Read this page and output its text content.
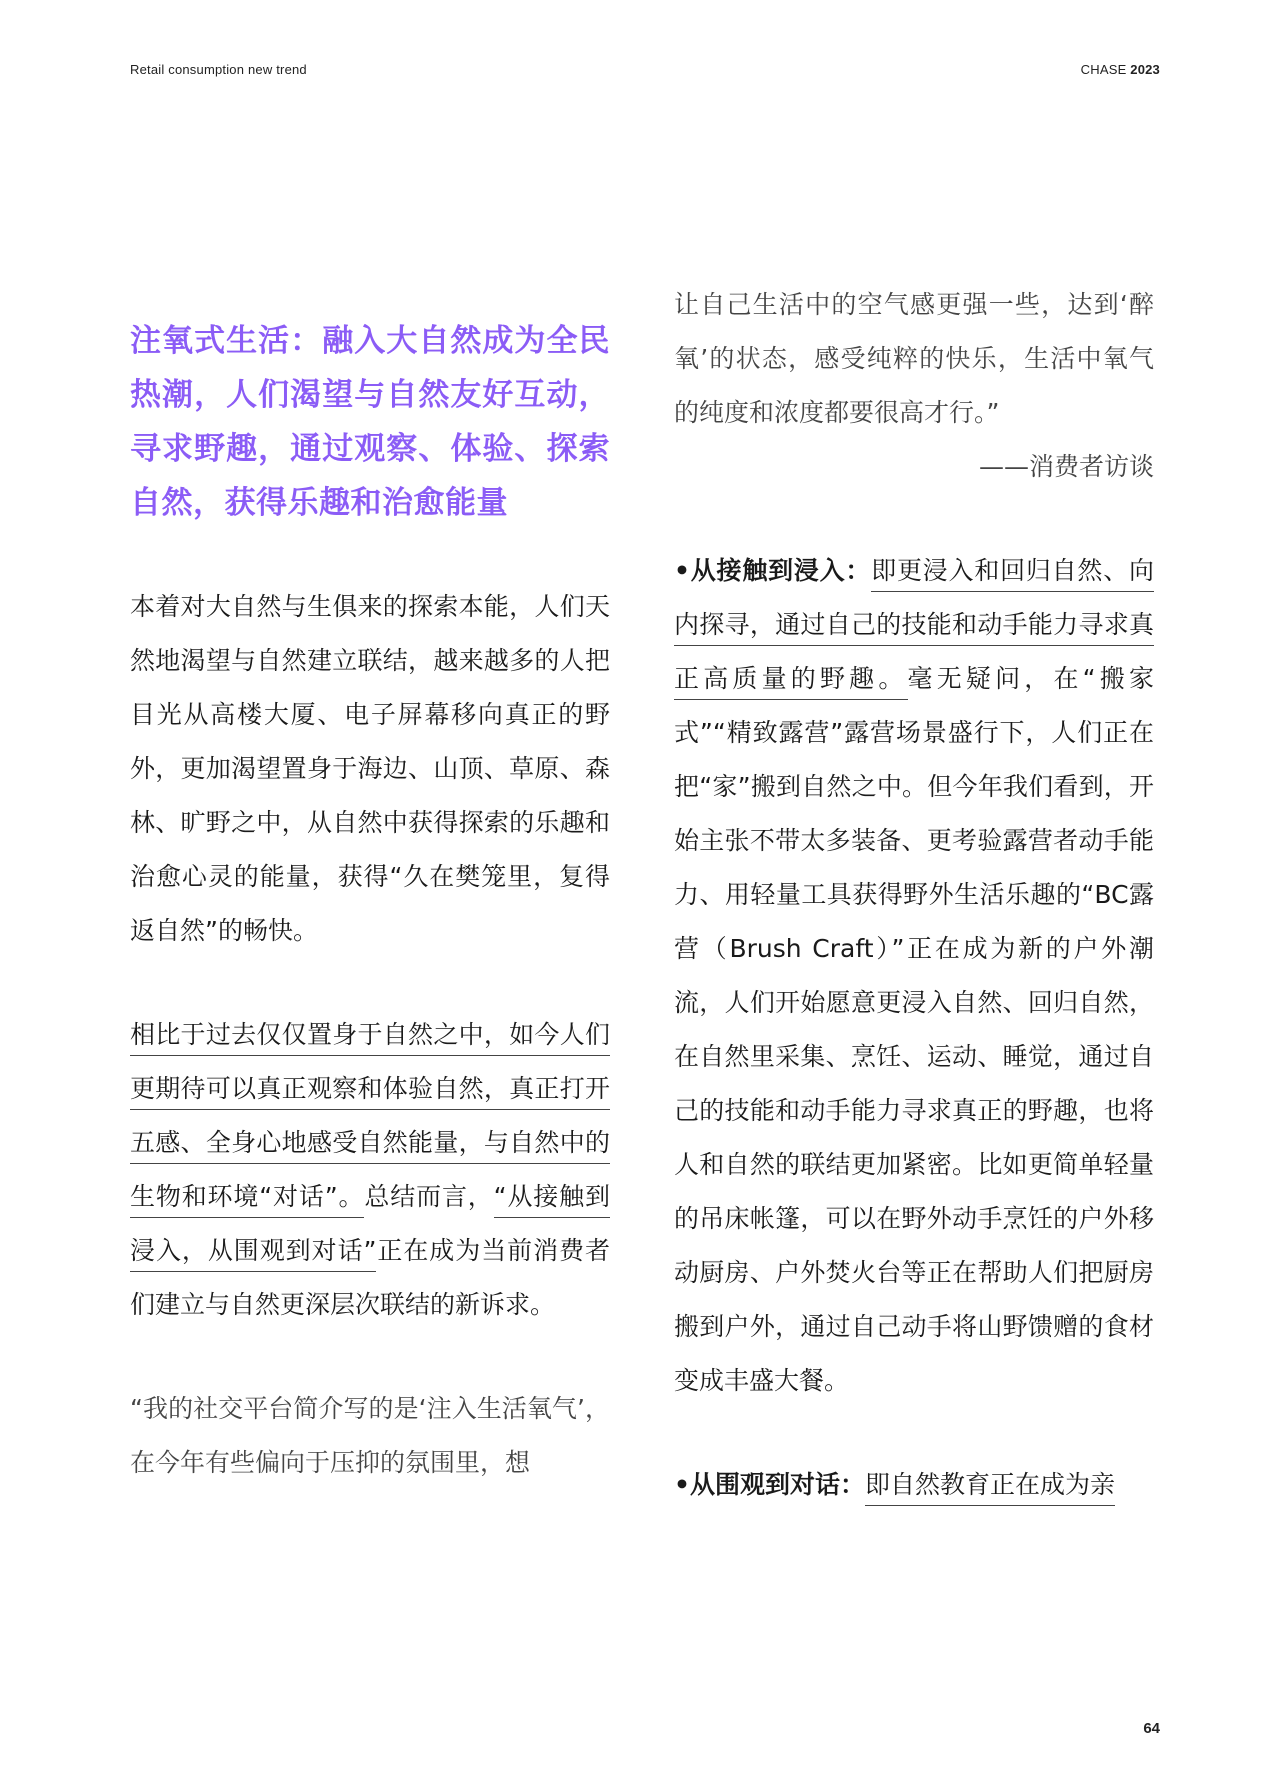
Retail consumption new trend	CHASE 2023
注氧式生活：融入大自然成为全民热潮，人们渴望与自然友好互动，寻求野趣，通过观察、体验、探索自然，获得乐趣和治愈能量

本着对大自然与生俱来的探索本能，人们天然地渴望与自然建立联结，越来越多的人把目光从高楼大厦、电子屏幕移向真正的野外，更加渴望置身于海边、山顶、草原、森林、旷野之中，从自然中获得探索的乐趣和治愈心灵的能量，获得“久在樊笼里，复得返自然”的畅快。

相比于过去仅仅置身于自然之中，如今人们更期待可以真正观察和体验自然，真正打开五感、全身心地感受自然能量，与自然中的生物和环境“对话”。总结而言，“从接触到浸入，从围观到对话”正在成为当前消费者们建立与自然更深层次联结的新诉求。

“我的社交平台简介写的是‘注入生活氧气’，在今年有些偏向于压抑的氛围里，想

让自己生活中的空气感更强一些，达到‘醉氧’的状态，感受纯粹的快乐，生活中氧气的纯度和浓度都要很高才行。”

——消费者访谈

•从接触到浸入：即更浸入和回归自然、向内探寻，通过自己的技能和动手能力寻求真正高质量的野趣。毫无疑问，在“搬家式”“精致露营”露营场景盛行下，人们正在把“家”搬到自然之中。但今年我们看到，开始主张不带太多装备、更考验露营者动手能力、用轻量工具获得野外生活乐趣的“BC露营（Brush Craft）”正在成为新的户外潮流，人们开始愿意更浸入自然、回归自然，在自然里采集、烹饪、运动、睡觉，通过自己的技能和动手能力寻求真正的野趣，也将人和自然的联结更加紧密。比如更简单轻量的吊床帐篷，可以在野外动手烹饪的户外移动厨房、户外焚火台等正在帮助人们把厨房搬到户外，通过自己动手将山野馈赠的食材变成丰盛大餐。

•从围观到对话：即自然教育正在成为亲

64
